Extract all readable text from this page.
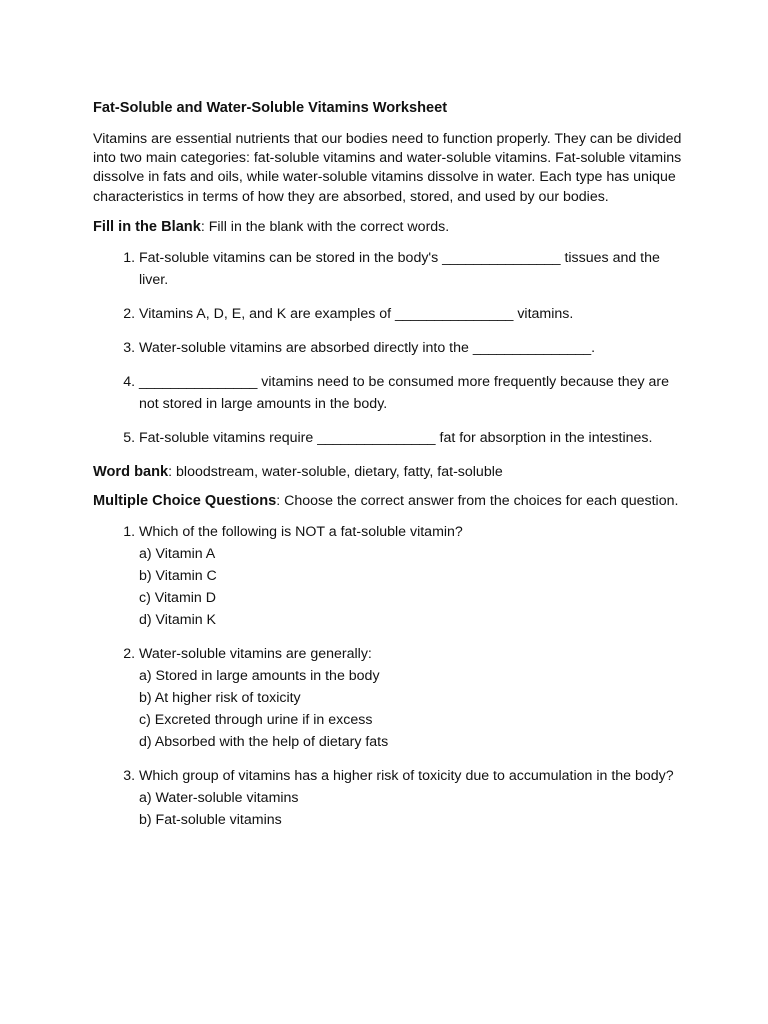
Fat-Soluble and Water-Soluble Vitamins Worksheet

Vitamins are essential nutrients that our bodies need to function properly. They can be divided into two main categories: fat-soluble vitamins and water-soluble vitamins. Fat-soluble vitamins dissolve in fats and oils, while water-soluble vitamins dissolve in water. Each type has unique characteristics in terms of how they are absorbed, stored, and used by our bodies.

Fill in the Blank: Fill in the blank with the correct words.

1. Fat-soluble vitamins can be stored in the body's _______________ tissues and the liver.
2. Vitamins A, D, E, and K are examples of _______________ vitamins.
3. Water-soluble vitamins are absorbed directly into the _______________.
4. _______________ vitamins need to be consumed more frequently because they are not stored in large amounts in the body.
5. Fat-soluble vitamins require _______________ fat for absorption in the intestines.

Word bank: bloodstream, water-soluble, dietary, fatty, fat-soluble

Multiple Choice Questions: Choose the correct answer from the choices for each question.

1. Which of the following is NOT a fat-soluble vitamin?
a) Vitamin A
b) Vitamin C
c) Vitamin D
d) Vitamin K
2. Water-soluble vitamins are generally:
a) Stored in large amounts in the body
b) At higher risk of toxicity
c) Excreted through urine if in excess
d) Absorbed with the help of dietary fats
3. Which group of vitamins has a higher risk of toxicity due to accumulation in the body?
a) Water-soluble vitamins
b) Fat-soluble vitamins
